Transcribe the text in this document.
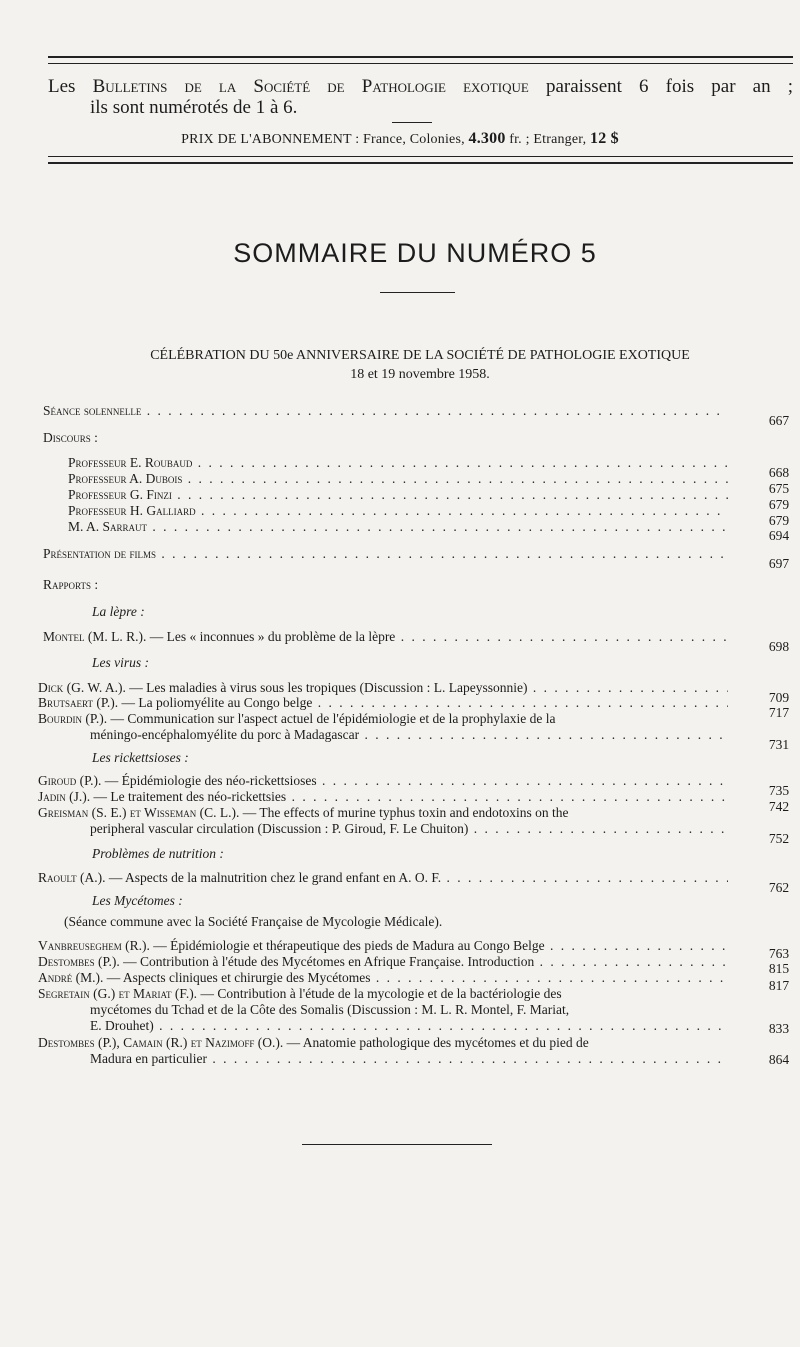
Les Bulletins de la Société de Pathologie exotique paraissent 6 fois par an ;
ils sont numérotés de 1 à 6.
PRIX DE L'ABONNEMENT : France, Colonies, 4.300 fr. ; Etranger, 12 $
SOMMAIRE DU NUMÉRO 5
CÉLÉBRATION DU 50e ANNIVERSAIRE DE LA SOCIÉTÉ DE PATHOLOGIE EXOTIQUE
18 et 19 novembre 1958.
Séance solennelle . . .
667
Discours :
Professeur E. Roubaud . . .
668
Professeur A. Dubois . . .
675
Professeur G. Finzi . . .
679
Professeur H. Galliard . . .
679
M. A. Sarraut . . .
694
Présentation de films . . .
697
Rapports :
La lèpre :
Montel (M. L. R.). — Les « inconnues » du problème de la lèpre . . .
698
Les virus :
Dick (G. W. A.). — Les maladies à virus sous les tropiques (Discussion : L. Lapeyssonnie) . . .
709
Brutsaert (P.). — La poliomyélite au Congo belge . . .
717
Bourdin (P.). — Communication sur l'aspect actuel de l'épidémiologie et de la prophylaxie de la
méningo-encéphalomyélite du porc à Madagascar . . .
731
Les rickettsioses :
Giroud (P.). — Épidémiologie des néo-rickettsioses . . .
735
Jadin (J.). — Le traitement des néo-rickettsies . . .
742
Greisman (S. E.) et Wisseman (C. L.). — The effects of murine typhus toxin and endotoxins on the
peripheral vascular circulation (Discussion : P. Giroud, F. Le Chuiton) . . .
752
Problèmes de nutrition :
Raoult (A.). — Aspects de la malnutrition chez le grand enfant en A. O. F. . . .
762
Les Mycétomes :
(Séance commune avec la Société Française de Mycologie Médicale).
Vanbreuseghem (R.). — Épidémiologie et thérapeutique des pieds de Madura au Congo Belge . . .
763
Destombes (P.). — Contribution à l'étude des Mycétomes en Afrique Française. Introduction . . .	815
André (M.). — Aspects cliniques et chirurgie des Mycétomes . . .
817
Segretain (G.) et Mariat (F.). — Contribution à l'étude de la mycologie et de la bactériologie des
mycétomes du Tchad et de la Côte des Somalis (Discussion : M. L. R. Montel, F. Mariat,
E. Drouhet) . . .	833
Destombes (P.), Camain (R.) et Nazimoff (O.). — Anatomie pathologique des mycétomes et du pied de
Madura en particulier . . .	864
